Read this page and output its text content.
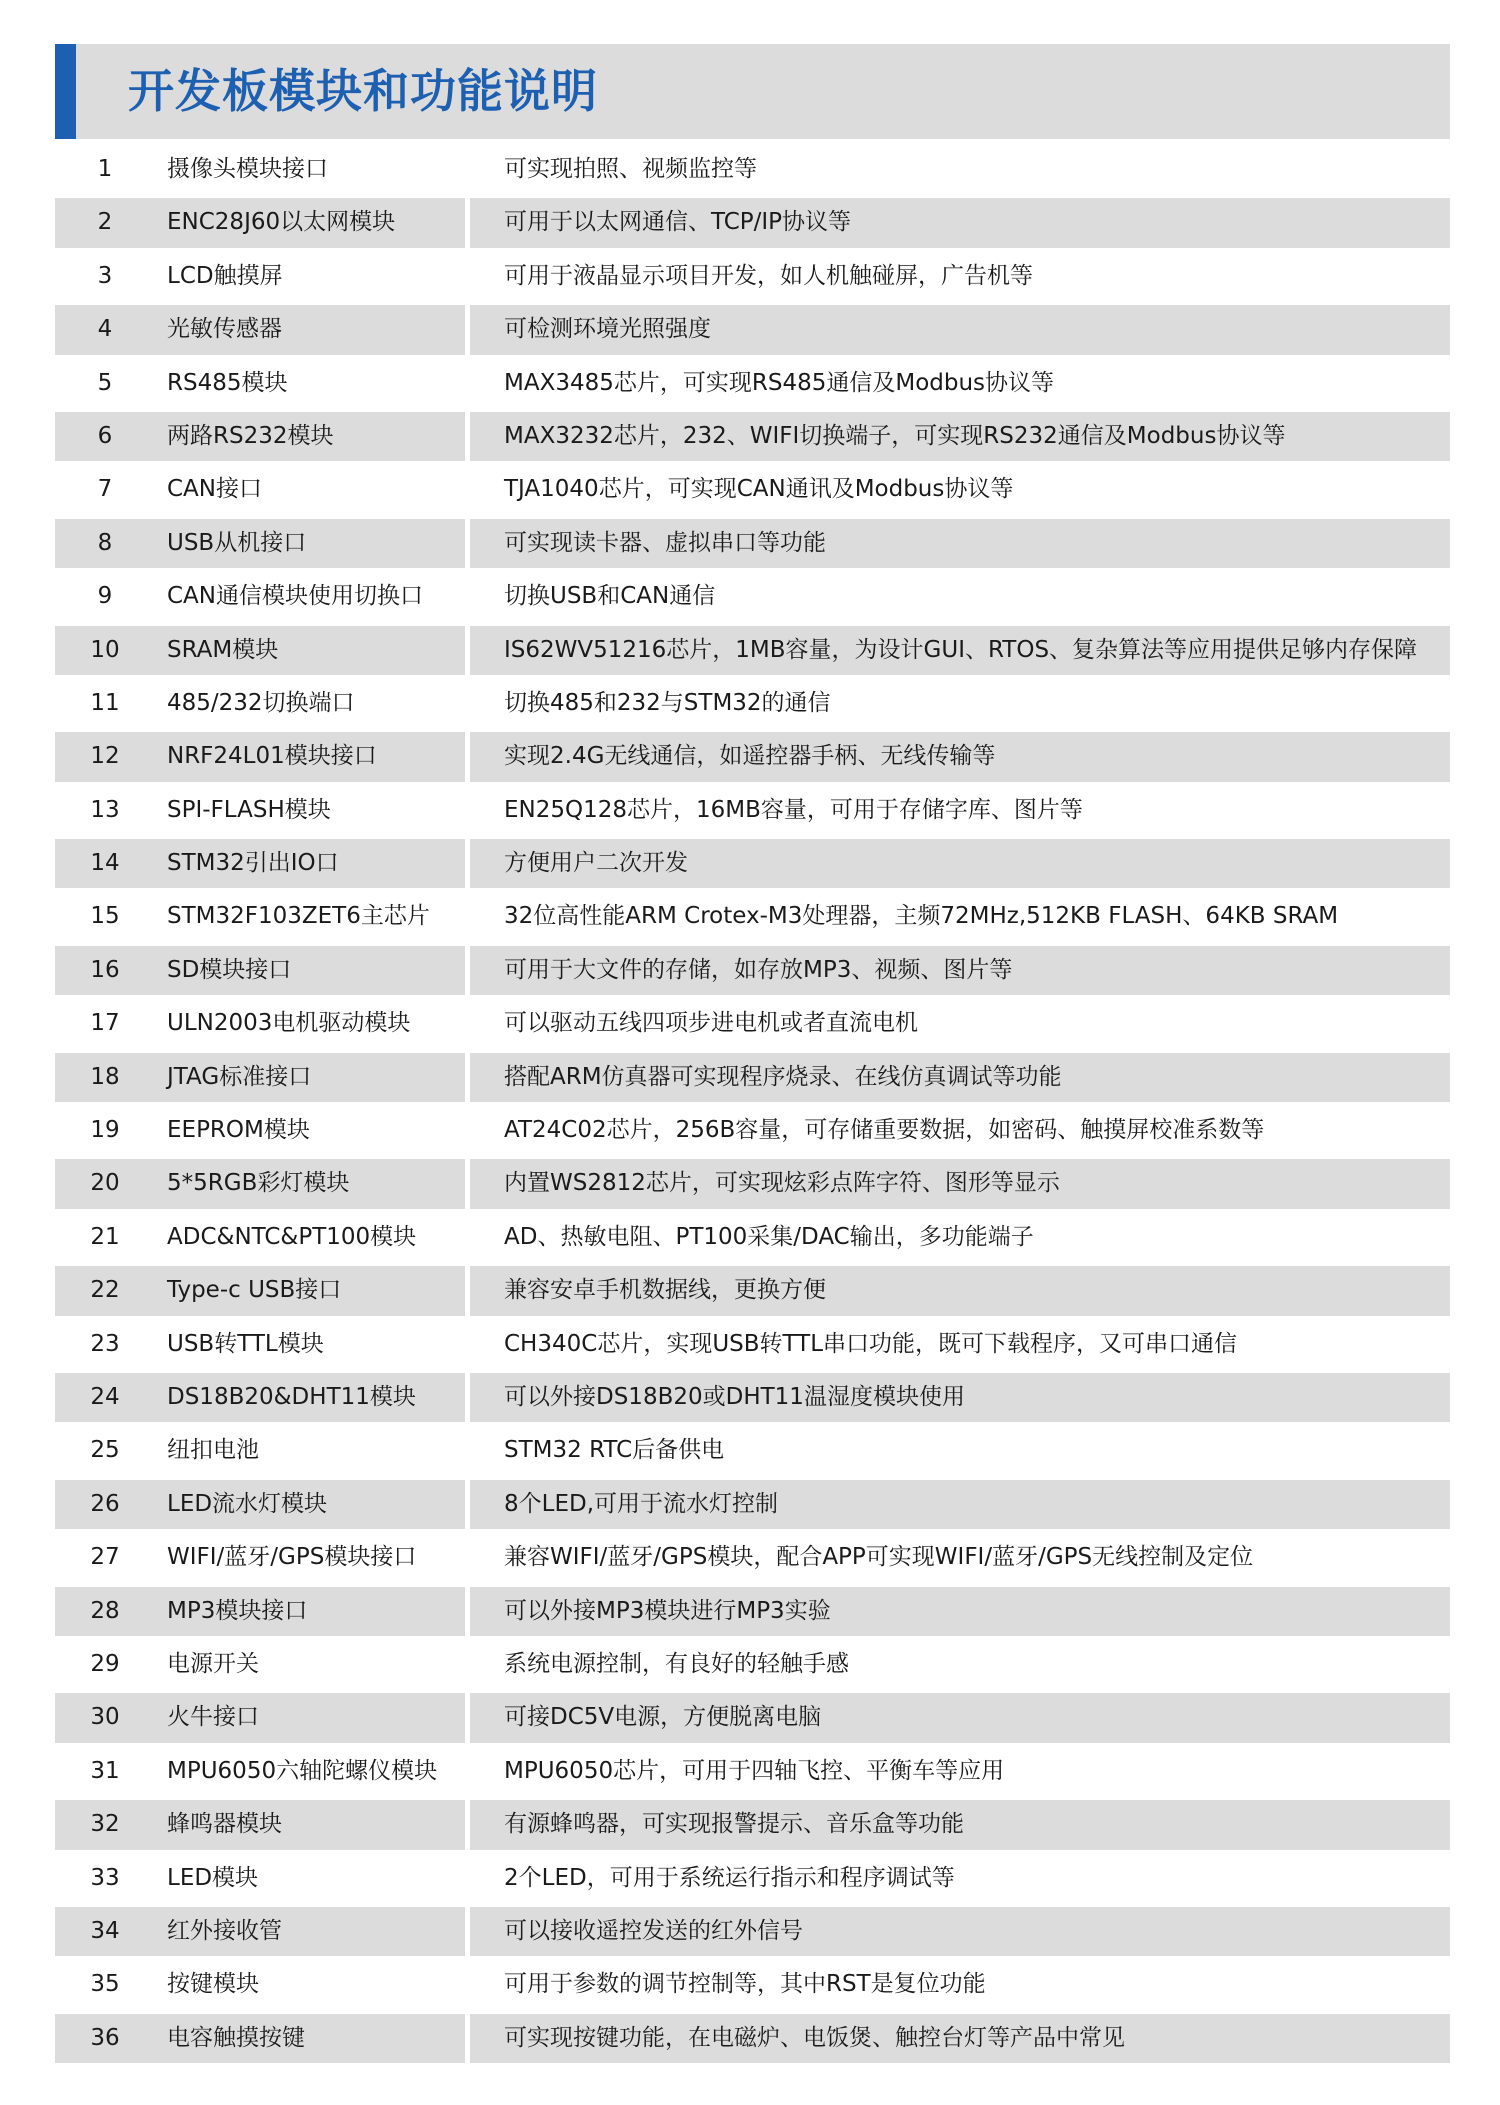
开发板模块和功能说明
1	摄像头模块接口	可实现拍照、视频监控等
2	ENC28J60以太网模块	可用于以太网通信、TCP/IP协议等
3	LCD触摸屏	可用于液晶显示项目开发，如人机触碰屏，广告机等
4	光敏传感器	可检测环境光照强度
5	RS485模块	MAX3485芯片，可实现RS485通信及Modbus协议等
6	两路RS232模块	MAX3232芯片，232、WIFI切换端子，可实现RS232通信及Modbus协议等
7	CAN接口	TJA1040芯片，可实现CAN通讯及Modbus协议等
8	USB从机接口	可实现读卡器、虚拟串口等功能
9	CAN通信模块使用切换口	切换USB和CAN通信
10	SRAM模块	IS62WV51216芯片，1MB容量，为设计GUI、RTOS、复杂算法等应用提供足够内存保障
11	485/232切换端口	切换485和232与STM32的通信
12	NRF24L01模块接口	实现2.4G无线通信，如遥控器手柄、无线传输等
13	SPI-FLASH模块	EN25Q128芯片，16MB容量，可用于存储字库、图片等
14	STM32引出IO口	方便用户二次开发
15	STM32F103ZET6主芯片	32位高性能ARM Crotex-M3处理器，主频72MHz,512KB FLASH、64KB SRAM
16	SD模块接口	可用于大文件的存储，如存放MP3、视频、图片等
17	ULN2003电机驱动模块	可以驱动五线四项步进电机或者直流电机
18	JTAG标准接口	搭配ARM仿真器可实现程序烧录、在线仿真调试等功能
19	EEPROM模块	AT24C02芯片，256B容量，可存储重要数据，如密码、触摸屏校准系数等
20	5*5RGB彩灯模块	内置WS2812芯片，可实现炫彩点阵字符、图形等显示
21	ADC&NTC&PT100模块	AD、热敏电阻、PT100采集/DAC输出，多功能端子
22	Type-c USB接口	兼容安卓手机数据线，更换方便
23	USB转TTL模块	CH340C芯片，实现USB转TTL串口功能，既可下载程序，又可串口通信
24	DS18B20&DHT11模块	可以外接DS18B20或DHT11温湿度模块使用
25	纽扣电池	STM32 RTC后备供电
26	LED流水灯模块	8个LED,可用于流水灯控制
27	WIFI/蓝牙/GPS模块接口	兼容WIFI/蓝牙/GPS模块，配合APP可实现WIFI/蓝牙/GPS无线控制及定位
28	MP3模块接口	可以外接MP3模块进行MP3实验
29	电源开关	系统电源控制，有良好的轻触手感
30	火牛接口	可接DC5V电源，方便脱离电脑
31	MPU6050六轴陀螺仪模块	MPU6050芯片，可用于四轴飞控、平衡车等应用
32	蜂鸣器模块	有源蜂鸣器，可实现报警提示、音乐盒等功能
33	LED模块	2个LED，可用于系统运行指示和程序调试等
34	红外接收管	可以接收遥控发送的红外信号
35	按键模块	可用于参数的调节控制等，其中RST是复位功能
36	电容触摸按键	可实现按键功能，在电磁炉、电饭煲、触控台灯等产品中常见
